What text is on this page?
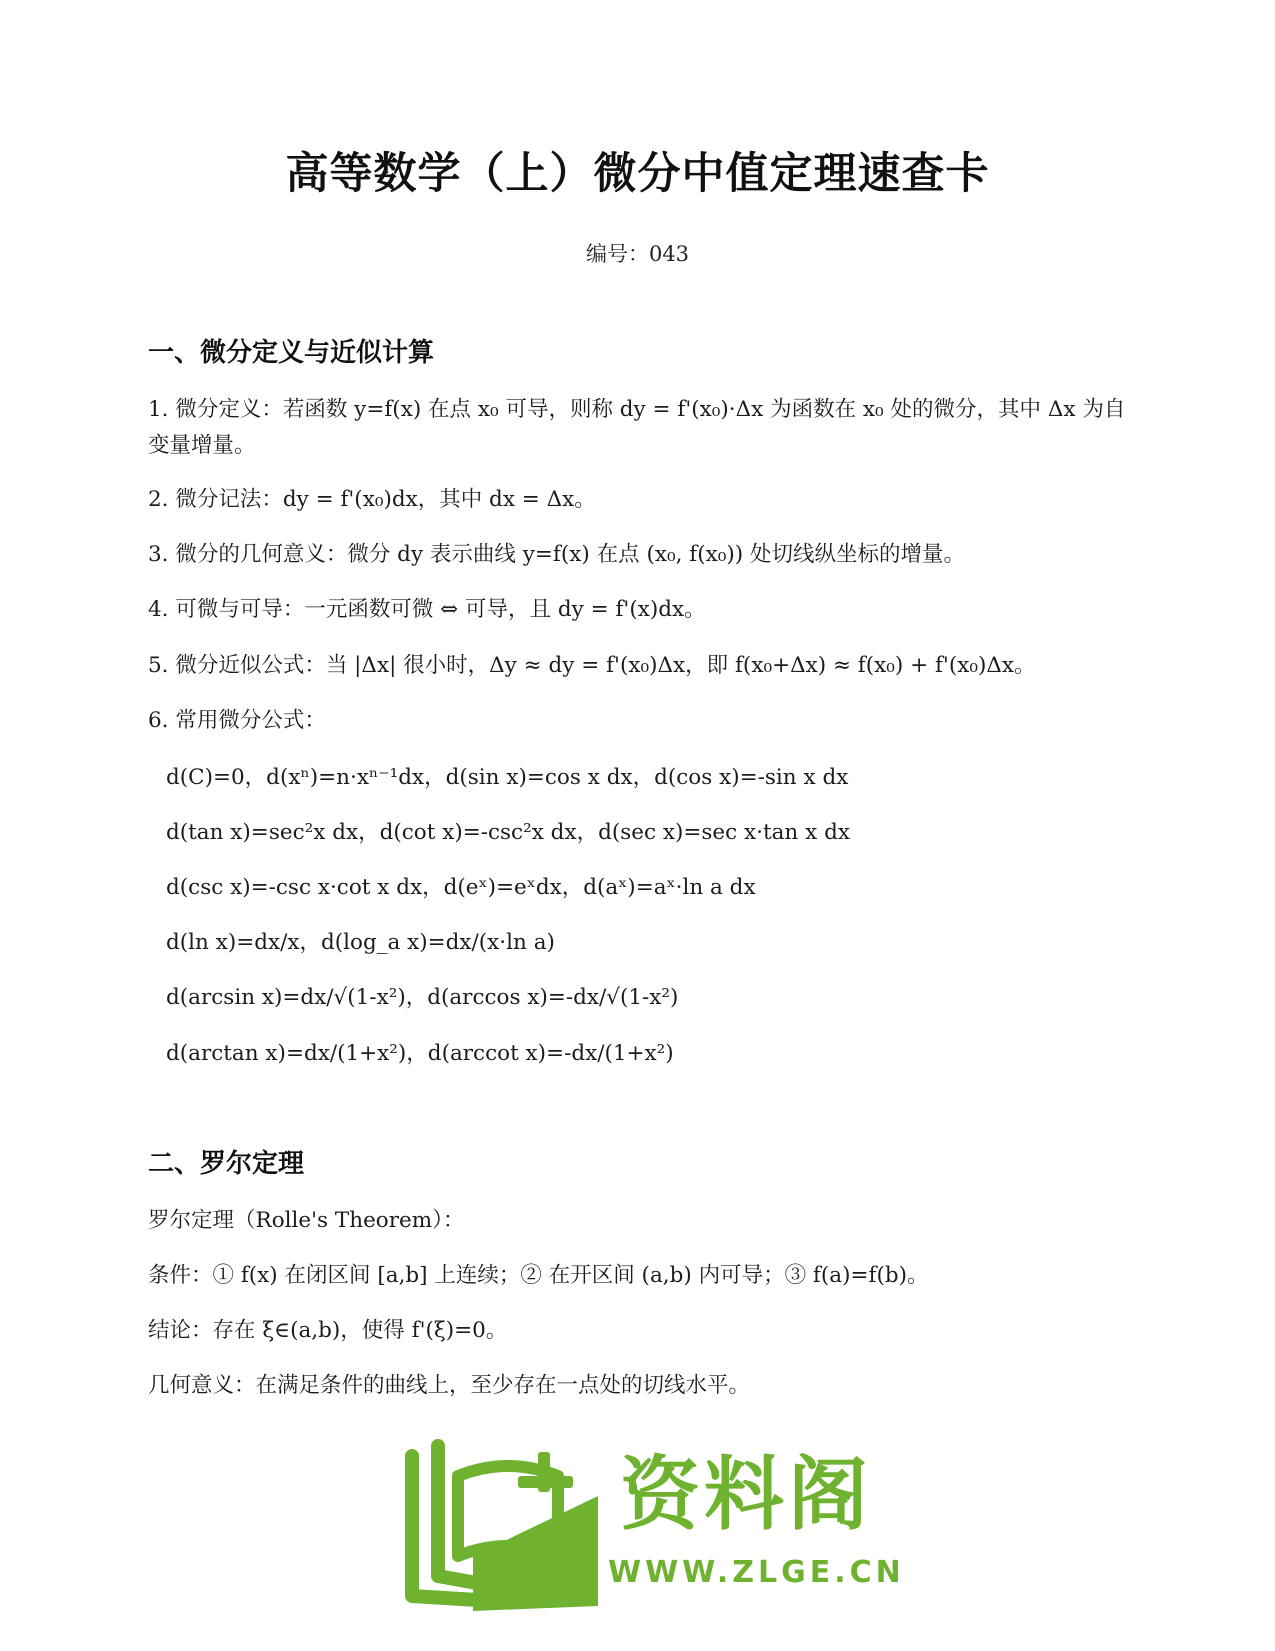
高等数学（上）微分中值定理速查卡
编号：043
一、微分定义与近似计算

1. 微分定义：若函数 y=f(x) 在点 x₀ 可导，则称 dy = f'(x₀)·Δx 为函数在 x₀ 处的微分，其中 Δx 为自变量增量。

2. 微分记法：dy = f'(x₀)dx，其中 dx = Δx。

3. 微分的几何意义：微分 dy 表示曲线 y=f(x) 在点 (x₀, f(x₀)) 处切线纵坐标的增量。

4. 可微与可导：一元函数可微 ⇔ 可导，且 dy = f'(x)dx。

5. 微分近似公式：当 |Δx| 很小时，Δy ≈ dy = f'(x₀)Δx，即 f(x₀+Δx) ≈ f(x₀) + f'(x₀)Δx。

6. 常用微分公式：

d(C)=0，d(xⁿ)=n·xⁿ⁻¹dx，d(sin x)=cos x dx，d(cos x)=-sin x dx

d(tan x)=sec²x dx，d(cot x)=-csc²x dx，d(sec x)=sec x·tan x dx

d(csc x)=-csc x·cot x dx，d(eˣ)=eˣdx，d(aˣ)=aˣ·ln a dx

d(ln x)=dx/x，d(log_a x)=dx/(x·ln a)

d(arcsin x)=dx/√(1-x²)，d(arccos x)=-dx/√(1-x²)

d(arctan x)=dx/(1+x²)，d(arccot x)=-dx/(1+x²)

二、罗尔定理

罗尔定理（Rolle's Theorem）：

条件：① f(x) 在闭区间 [a,b] 上连续；② 在开区间 (a,b) 内可导；③ f(a)=f(b)。

结论：存在 ξ∈(a,b)，使得 f'(ξ)=0。

几何意义：在满足条件的曲线上，至少存在一点处的切线水平。

资料阁
WWW.ZLGE.CN
